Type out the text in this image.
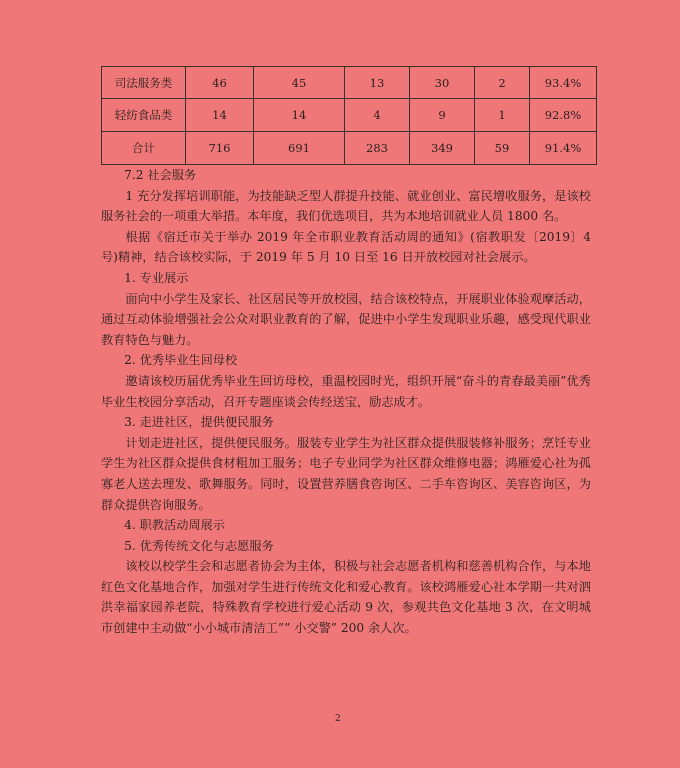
司法服务类	46	45	13	30	2	93.4%
轻纺食品类	14	14	4	9	1	92.8%
合计	716	691	283	349	59	91.4%

7.2 社会服务

1 充分发挥培训职能，为技能缺乏型人群提升技能、就业创业、富民增收服务，是该校服务社会的一项重大举措。本年度，我们优选项目，共为本地培训就业人员 1800 名。

根据《宿迁市关于举办 2019 年全市职业教育活动周的通知》(宿教职发〔2019〕4 号)精神，结合该校实际，于 2019 年 5 月 10 日至 16 日开放校园对社会展示。

1. 专业展示

面向中小学生及家长、社区居民等开放校园，结合该校特点，开展职业体验观摩活动，通过互动体验增强社会公众对职业教育的了解，促进中小学生发现职业乐趣，感受现代职业教育特色与魅力。

2. 优秀毕业生回母校

邀请该校历届优秀毕业生回访母校，重温校园时光，组织开展“奋斗的青春最美丽”优秀毕业生校园分享活动，召开专题座谈会传经送宝，励志成才。

3. 走进社区，提供便民服务

计划走进社区，提供便民服务。服装专业学生为社区群众提供服装修补服务；烹饪专业学生为社区群众提供食材粗加工服务；电子专业同学为社区群众维修电器；鸿雁爱心社为孤寡老人送去理发、歌舞服务。同时，设置营养膳食咨询区、二手车咨询区、美容咨询区，为群众提供咨询服务。

4. 职教活动周展示

5. 优秀传统文化与志愿服务

该校以校学生会和志愿者协会为主体，积极与社会志愿者机构和慈善机构合作，与本地红色文化基地合作，加强对学生进行传统文化和爱心教育。该校鸿雁爱心社本学期一共对泗洪幸福家园养老院，特殊教育学校进行爱心活动 9 次，参观共色文化基地 3 次，在文明城市创建中主动做“小小城市清洁工”” 小交警” 200 余人次。

2
